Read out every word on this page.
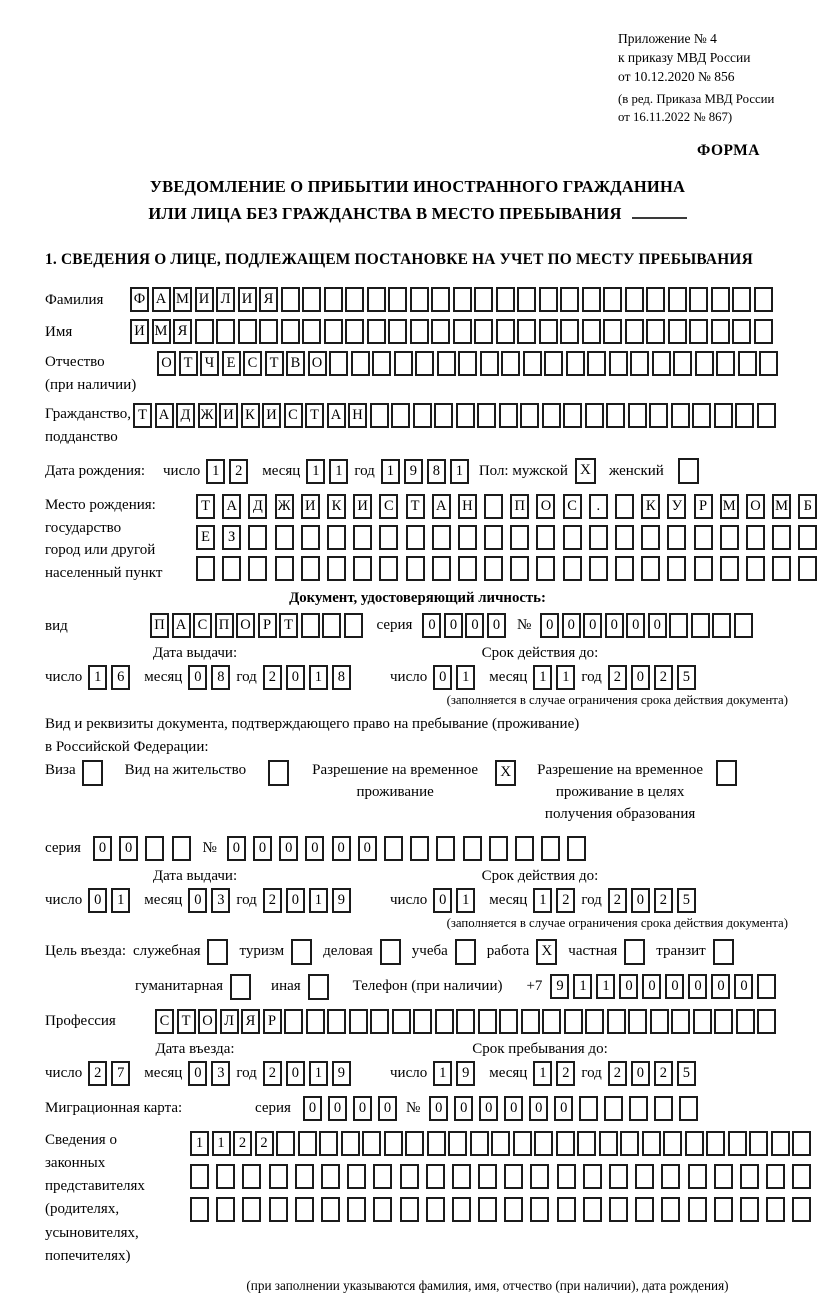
Приложение № 4
к приказу МВД России
от 10.12.2020 № 856
(в ред. Приказа МВД России
от 16.11.2022 № 867)
ФОРМА
УВЕДОМЛЕНИЕ О ПРИБЫТИИ ИНОСТРАННОГО ГРАЖДАНИНА
ИЛИ ЛИЦА БЕЗ ГРАЖДАНСТВА В МЕСТО ПРЕБЫВАНИЯ
1. СВЕДЕНИЯ О ЛИЦЕ, ПОДЛЕЖАЩЕМ ПОСТАНОВКЕ НА УЧЕТ ПО МЕСТУ ПРЕБЫВАНИЯ
Фамилия	Ф А М И Л И Я
Имя	И М Я
Отчество
(при наличии)
О Т Ч Е С Т В О
Гражданство,
подданство
Т А Д Ж И К И С Т А Н
Дата рождения:	число 1	2	месяц 1	1 год 1	9	8	1	Пол: мужской X	женский
Место рождения:
государство
город или другой
населенный пункт
Т	А	Д	Ж И	К	И	С	Т	А Н	П О	С	.	К	У	Р	М О М	Б
Е	З
Документ, удостоверяющий личность:
вид	П А С П О Р Т	серия	0 0 0 0	№	0 0 0 0 0 0
Дата выдачи:
число 1	6	месяц 0	8 год 2	0	1	8
Срок действия до:
число 0	1	месяц 1	1 год 2	0	2	5
(заполняется в случае ограничения срока действия документа)
Вид и реквизиты документа, подтверждающего право на пребывание (проживание)
в Российской Федерации:
Виза	Вид на жительство	Разрешение на временное проживание
X	Разрешение на временное проживание в целях получения образования
серия	0	0	№	0	0	0	0	0	0
Дата выдачи:
число 0	1	месяц 0	3 год 2	0	1	9
Срок действия до:
число 0	1	месяц 1	2 год 2	0	2	5
(заполняется в случае ограничения срока действия документа)
Цель въезда: служебная	туризм	деловая	учеба	работа X	частная	транзит
гуманитарная	иная	Телефон (при наличии) +7 9	1	1	0	0	0	0	0	0
Профессия	С Т О Л Я Р
Дата въезда:
число 2	7	месяц 0	3 год 2	0	1	9
Срок пребывания до:
число 1	9	месяц 1	2 год 2	0	2	5
Миграционная карта:	серия	0	0	0	0 №	0	0	0	0	0	0
Сведения о
законных
представителях
(родителях,
усыновителях,
попечителях)
1 1 2 2
(при заполнении указываются фамилия, имя, отчество (при наличии), дата рождения)
